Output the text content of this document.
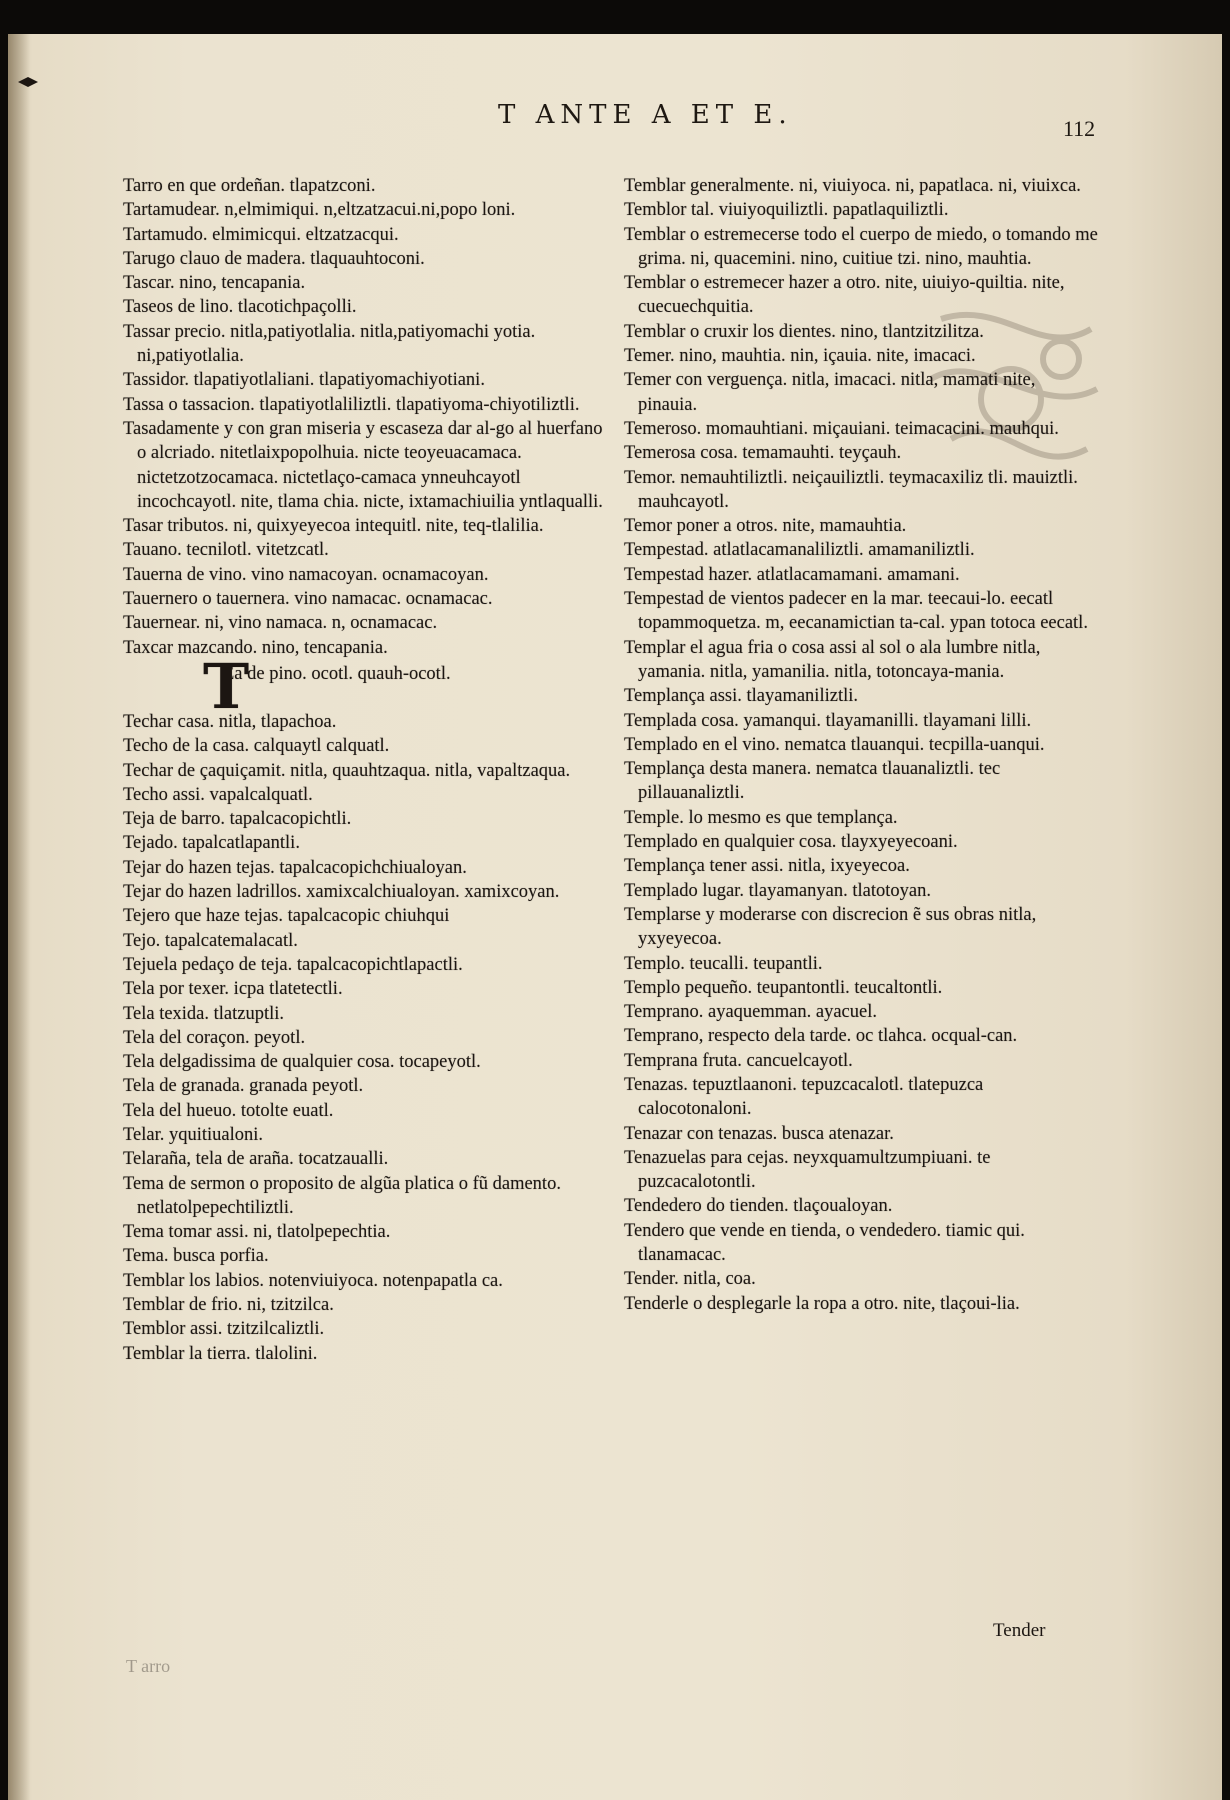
T ANTE A ET E.	112
Tarro en que ordeñan. tlapatzconi.
Tartamudear. n,elmimiqui. n,eltzatzacui.ni,popo loni.
Tartamudo. elmimicqui. eltzatzacqui.
Tarugo clauo de madera. tlaquauhtoconi.
Tascar. nino, tencapania.
Taseos de lino. tlacotichpaçolli.
Tassar precio. nitla,patiyotlalia. nitla,patiyomachi yotia. ni,patiyotlalia.
Tassidor. tlapatiyotlaliani. tlapatiyomachiyotiani.
Tassa o tassacion. tlapatiyotlaliliztli. tlapatiyoma-chiyotiliztli.
Tasadamente y con gran miseria y escaseza dar al-go al huerfano o alcriado. nitetlaixpopolhuia. nicte teoyeuacamaca. nictetzotzocamaca. nictetlaço-camaca ynneuhcayotl incochcayotl. nite, tlama chia. nicte, ixtamachiuilia yntlaqualli.
Tasar tributos. ni, quixyeyecoa intequitl. nite, teq-tlalilia.
Tauano. tecnilotl. vitetzcatl.
Tauerna de vino. vino namacoyan. ocnamacoyan.
Tauernero o tauernera. vino namacac. ocnamacac.
Tauernear. ni, vino namaca. n, ocnamacac.
Taxcar mazcando. nino, tencapania.
T
Ea de pino. ocotl. quauh-ocotl.
Techar casa. nitla, tlapachoa.
Techo de la casa. calquaytl calquatl.
Techar de çaquiçamit. nitla, quauhtzaqua. nitla, vapaltzaqua.
Techo assi. vapalcalquatl.
Teja de barro. tapalcacopichtli.
Tejado. tapalcatlapantli.
Tejar do hazen tejas. tapalcacopichchiualoyan.
Tejar do hazen ladrillos. xamixcalchiualoyan. xamixcoyan.
Tejero que haze tejas. tapalcacopic chiuhqui
Tejo. tapalcatemalacatl.
Tejuela pedaço de teja. tapalcacopichtlapactli.
Tela por texer. icpa tlatetectli.
Tela texida. tlatzuptli.
Tela del coraçon. peyotl.
Tela delgadissima de qualquier cosa. tocapeyotl.
Tela de granada. granada peyotl.
Tela del hueuo. totolte euatl.
Telar. yquitiualoni.
Telaraña, tela de araña. tocatzaualli.
Tema de sermon o proposito de algũa platica o fũ damento. netlatolpepechtiliztli.
Tema tomar assi. ni, tlatolpepechtia.
Tema. busca porfia.
Temblar los labios. notenviuiyoca. notenpapatla ca.
Temblar de frio. ni, tzitzilca.
Temblor assi. tzitzilcaliztli.
Temblar la tierra. tlalolini.
Temblar generalmente. ni, viuiyoca. ni, papatlaca. ni, viuixca.
Temblor tal. viuiyoquiliztli. papatlaquiliztli.
Temblar o estremecerse todo el cuerpo de miedo, o tomando me grima. ni, quacemini. nino, cuitiue tzi. nino, mauhtia.
Temblar o estremecer hazer a otro. nite, uiuiyo-quiltia. nite, cuecuechquitia.
Temblar o cruxir los dientes. nino, tlantzitzilitza.
Temer. nino, mauhtia. nin, içauia. nite, imacaci.
Temer con verguença. nitla, imacaci. nitla, mamati nite, pinauia.
Temeroso. momauhtiani. miçauiani. teimacacini. mauhqui.
Temerosa cosa. temamauhti. teyçauh.
Temor. nemauhtiliztli. neiçauiliztli. teymacaxiliz tli. mauiztli. mauhcayotl.
Temor poner a otros. nite, mamauhtia.
Tempestad. atlatlacamanaliliztli. amamaniliztli.
Tempestad hazer. atlatlacamamani. amamani.
Tempestad de vientos padecer en la mar. teecaui-lo. eecatl topammoquetza. m, eecanamictian ta-cal. ypan totoca eecatl.
Templar el agua fria o cosa assi al sol o ala lumbre nitla, yamania. nitla, yamanilia. nitla, totoncaya-mania.
Templança assi. tlayamaniliztli.
Templada cosa. yamanqui. tlayamanilli. tlayamani lilli.
Templado en el vino. nematca tlauanqui. tecpilla-uanqui.
Templança desta manera. nematca tlauanaliztli. tec pillauanaliztli.
Temple. lo mesmo es que templança.
Templado en qualquier cosa. tlayxyeyecoani.
Templança tener assi. nitla, ixyeyecoa.
Templado lugar. tlayamanyan. tlatotoyan.
Templarse y moderarse con discrecion ẽ sus obras nitla, yxyeyecoa.
Templo. teucalli. teupantli.
Templo pequeño. teupantontli. teucaltontli.
Temprano. ayaquemman. ayacuel.
Temprano, respecto dela tarde. oc tlahca. ocqual-can.
Temprana fruta. cancuelcayotl.
Tenazas. tepuztlaanoni. tepuzcacalotl. tlatepuzca calocotonaloni.
Tenazar con tenazas. busca atenazar.
Tenazuelas para cejas. neyxquamultzumpiuani. te puzcacalotontli.
Tendedero do tienden. tlaçoualoyan.
Tendero que vende en tienda, o vendedero. tiamic qui. tlanamacac.
Tender. nitla, coa.
Tenderle o desplegarle la ropa a otro. nite, tlaçoui-lia.
Tender
T arro
